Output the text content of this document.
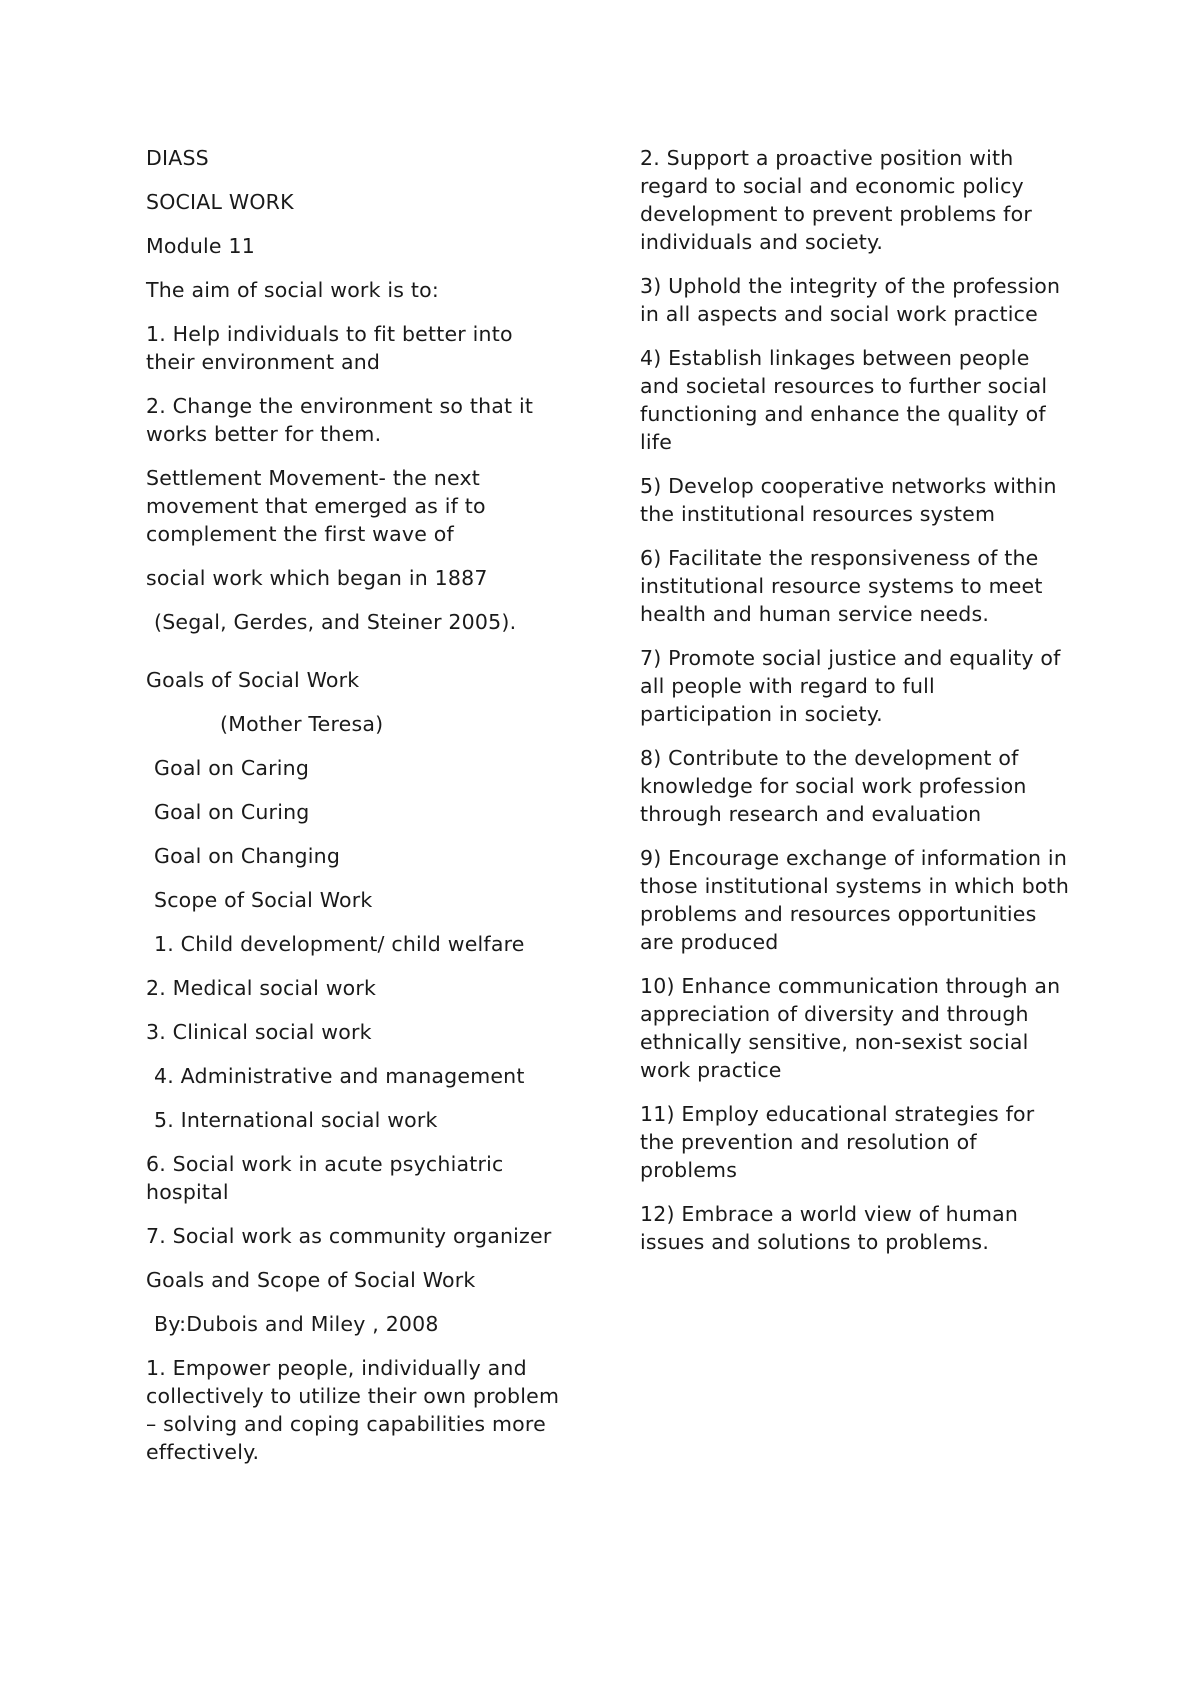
DIASS

SOCIAL WORK

Module 11

The aim of social work is to:

1. Help individuals to fit better into their environment and

2. Change the environment so that it works better for them.

Settlement Movement- the next movement that emerged as if to complement the first wave of

social work which began in 1887

(Segal, Gerdes, and Steiner 2005).

Goals of Social Work

(Mother Teresa)

Goal on Caring

Goal on Curing

Goal on Changing

Scope of Social Work

1. Child development/ child welfare

2. Medical social work

3. Clinical social work

4. Administrative and management

5. International social work

6. Social work in acute psychiatric hospital

7. Social work as community organizer

Goals and Scope of Social Work

By:Dubois and Miley , 2008

1. Empower people, individually and collectively to utilize their own problem – solving and coping capabilities more effectively.

2. Support a proactive position with regard to social and economic policy development to prevent problems for individuals and society.

3) Uphold the integrity of the profession in all aspects and social work practice

4) Establish linkages between people and societal resources to further social functioning and enhance the quality of life

5) Develop cooperative networks within the institutional resources system

6) Facilitate the responsiveness of the institutional resource systems to meet health and human service needs.

7) Promote social justice and equality of all people with regard to full participation in society.

8) Contribute to the development of knowledge for social work profession through research and evaluation

9) Encourage exchange of information in those institutional systems in which both problems and resources opportunities are produced

10) Enhance communication through an appreciation of diversity and through ethnically sensitive, non-sexist social work practice

11) Employ educational strategies for the prevention and resolution of problems

12) Embrace a world view of human issues and solutions to problems.
